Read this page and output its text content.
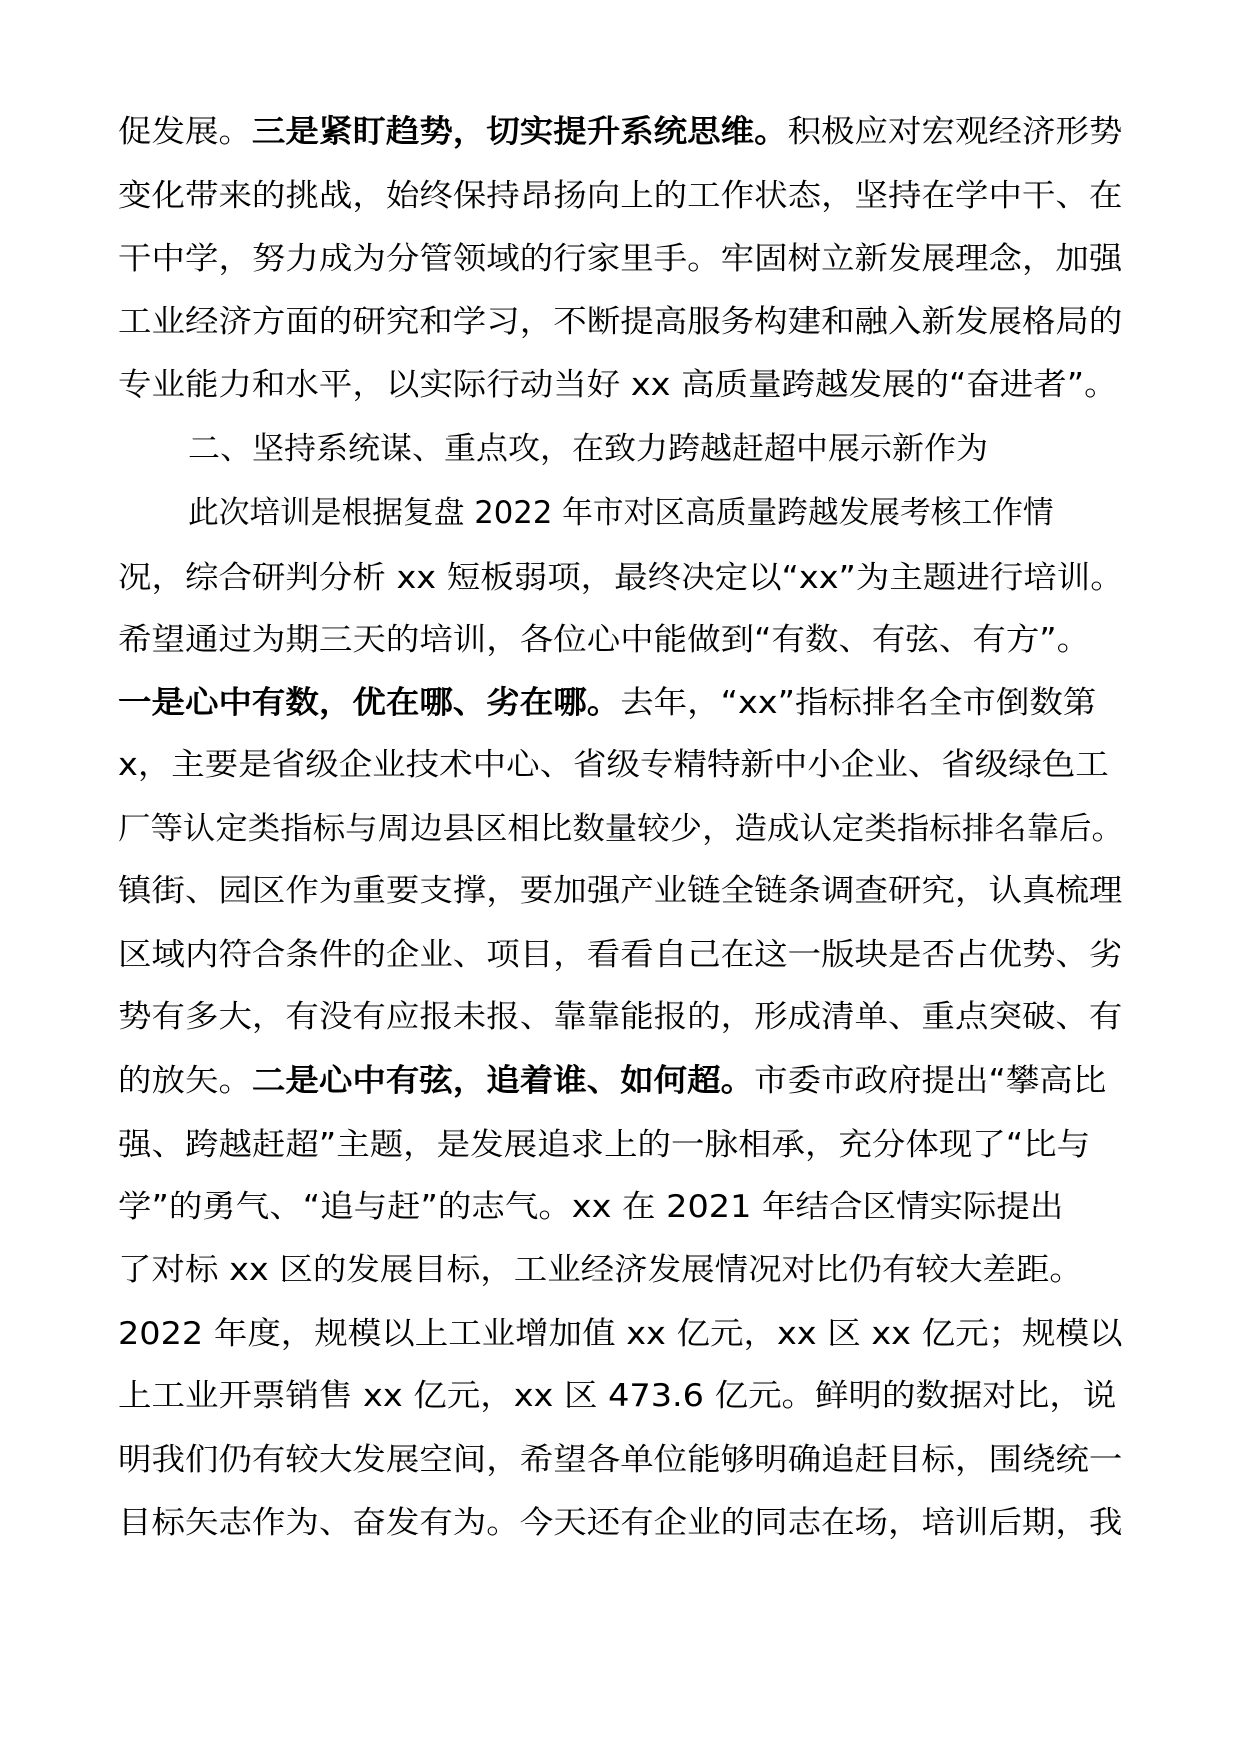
促发展。三是紧盯趋势，切实提升系统思维。积极应对宏观经济形势
变化带来的挑战，始终保持昂扬向上的工作状态，坚持在学中干、在
干中学，努力成为分管领域的行家里手。牢固树立新发展理念，加强
工业经济方面的研究和学习，不断提高服务构建和融入新发展格局的
专业能力和水平，以实际行动当好 xx 高质量跨越发展的“奋进者”。
二、坚持系统谋、重点攻，在致力跨越赶超中展示新作为
此次培训是根据复盘 2022 年市对区高质量跨越发展考核工作情
况，综合研判分析 xx 短板弱项，最终决定以“xx”为主题进行培训。
希望通过为期三天的培训，各位心中能做到“有数、有弦、有方”。
一是心中有数，优在哪、劣在哪。去年，“xx”指标排名全市倒数第
x，主要是省级企业技术中心、省级专精特新中小企业、省级绿色工
厂等认定类指标与周边县区相比数量较少，造成认定类指标排名靠后。
镇街、园区作为重要支撑，要加强产业链全链条调查研究，认真梳理
区域内符合条件的企业、项目，看看自己在这一版块是否占优势、劣
势有多大，有没有应报未报、靠靠能报的，形成清单、重点突破、有
的放矢。二是心中有弦，追着谁、如何超。市委市政府提出“攀高比
强、跨越赶超”主题，是发展追求上的一脉相承，充分体现了“比与
学”的勇气、“追与赶”的志气。xx 在 2021 年结合区情实际提出
了对标 xx 区的发展目标，工业经济发展情况对比仍有较大差距。
2022 年度，规模以上工业增加值 xx 亿元，xx 区 xx 亿元；规模以
上工业开票销售 xx 亿元，xx 区 473.6 亿元。鲜明的数据对比，说
明我们仍有较大发展空间，希望各单位能够明确追赶目标，围绕统一
目标矢志作为、奋发有为。今天还有企业的同志在场，培训后期，我
